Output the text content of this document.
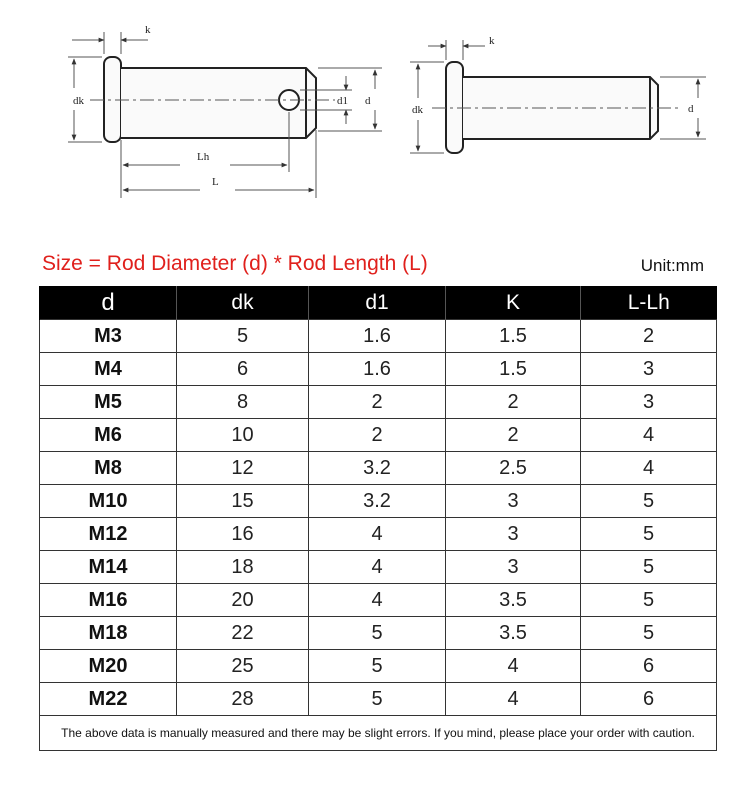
k
dk	d1 d
Lh
L
k
dk	d
Size = Rod Diameter (d) * Rod Length (L)	Unit:mm
d	dk	d1	K	L-Lh
M3	5	1.6	1.5	2
M4	6	1.6	1.5	3
M5	8	2	2	3
M6	10	2	2	4
M8	12	3.2	2.5	4
M10	15	3.2	3	5
M12	16	4	3	5
M14	18	4	3	5
M16	20	4	3.5	5
M18	22	5	3.5	5
M20	25	5	4	6
M22	28	5	4	6
The above data is manually measured and there may be slight errors. If you mind, please place your order with caution.				
